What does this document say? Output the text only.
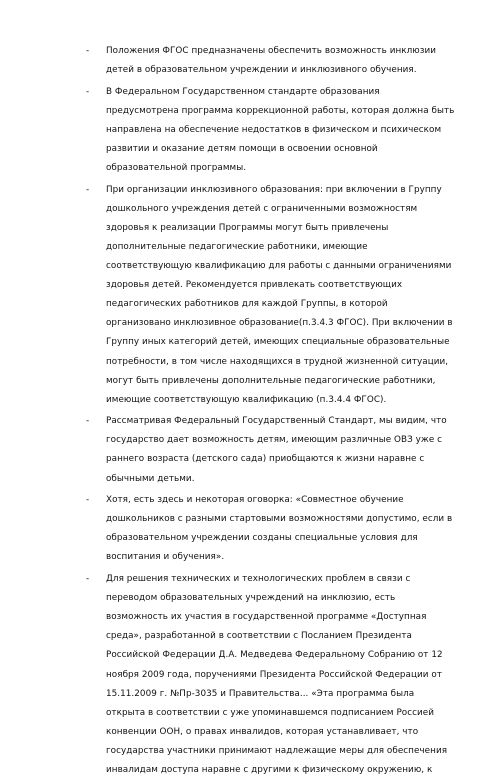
- Положения ФГОС предназначены обеспечить возможность инклюзии
детей в образовательном учреждении и инклюзивного обучения.
- В Федеральном Государственном стандарте образования
предусмотрена программа коррекционной работы, которая должна быть
направлена на обеспечение недостатков в физическом и психическом
развитии и оказание детям помощи в освоении основной
образовательной программы.
- При организации инклюзивного образования: при включении в Группу
дошкольного учреждения детей с ограниченными возможностям
здоровья к реализации Программы могут быть привлечены
дополнительные педагогические работники, имеющие
соответствующую квалификацию для работы с данными ограничениями
здоровья детей. Рекомендуется привлекать соответствующих
педагогических работников для каждой Группы, в которой
организовано инклюзивное образование(п.3.4.3 ФГОС). При включении в
Группу иных категорий детей, имеющих специальные образовательные
потребности, в том числе находящихся в трудной жизненной ситуации,
могут быть привлечены дополнительные педагогические работники,
имеющие соответствующую квалификацию (п.3.4.4 ФГОС).
- Рассматривая Федеральный Государственный Стандарт, мы видим, что
государство дает возможность детям, имеющим различные ОВЗ уже с
раннего возраста (детского сада) приобщаются к жизни наравне с
обычными детьми.
- Хотя, есть здесь и некоторая оговорка: «Совместное обучение
дошкольников с разными стартовыми возможностями допустимо, если в
образовательном учреждении созданы специальные условия для
воспитания и обучения».
- Для решения технических и технологических проблем в связи с
переводом образовательных учреждений на инклюзию, есть
возможность их участия в государственной программе «Доступная
среда», разработанной в соответствии с Посланием Президента
Российской Федерации Д.А. Медведева Федеральному Собранию от 12
ноября 2009 года, поручениями Президента Российской Федерации от
15.11.2009 г. №Пр-3035 и Правительства... «Эта программа была
открыта в соответствии с уже упоминавшемся подписанием Россией
конвенции ООН, о правах инвалидов, которая устанавливает, что
государства участники принимают надлежащие меры для обеспечения
инвалидам доступа наравне с другими к физическому окружению, к
